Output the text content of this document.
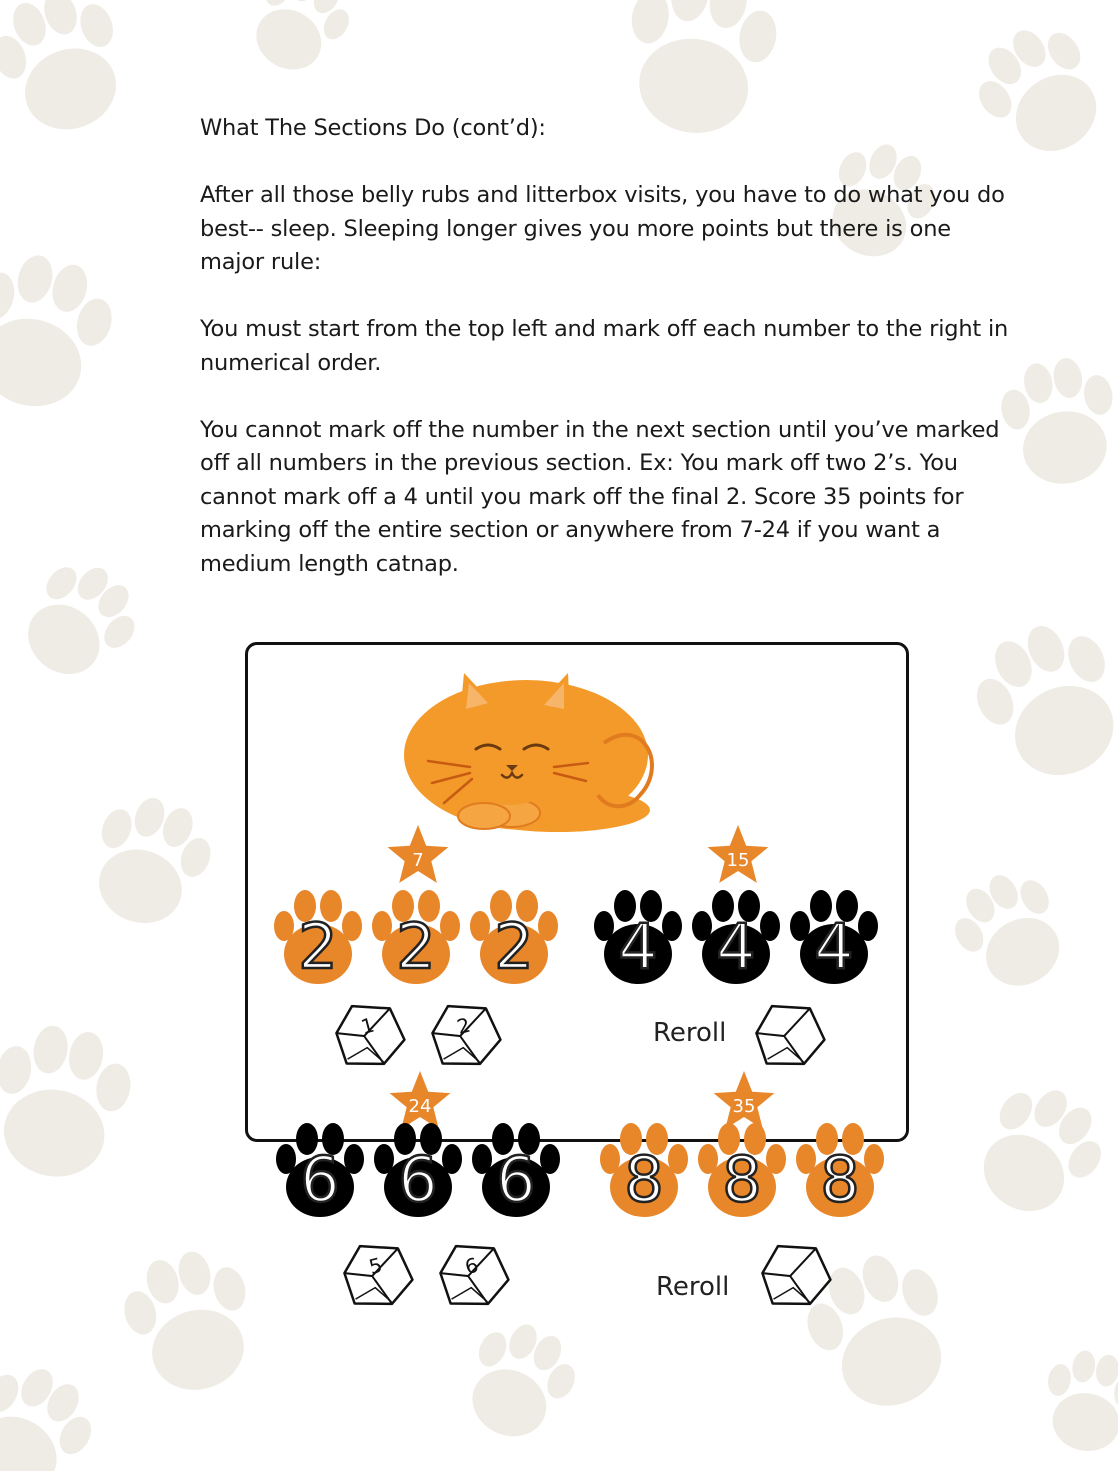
What The Sections Do (cont’d):

After all those belly rubs and litterbox visits, you have to do what you do best-- sleep. Sleeping longer gives you more points but there is one major rule:

You must start from the top left and mark off each number to the right in numerical order.

You cannot mark off the number in the next section until you’ve marked off all numbers in the previous section. Ex: You mark off two 2’s. You cannot mark off a 4 until you mark off the final 2. Score 35 points for marking off the entire section or anywhere from 7-24 if you want a medium length catnap.

7
2 2 2
1	2
15
4 4 4
24
6 6 6
5	6
35
8 8 8
Reroll
Reroll
